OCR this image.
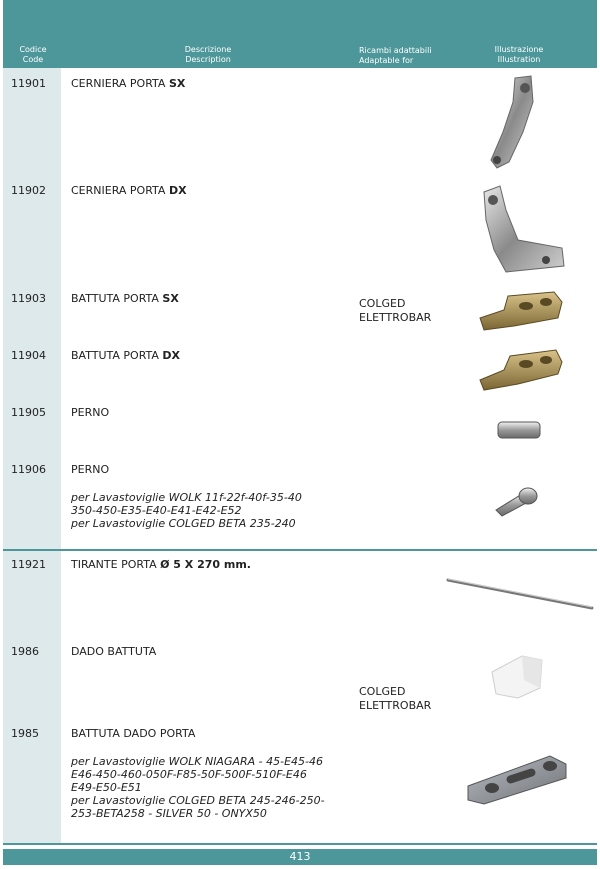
Codice
Code
Descrizione
Description
Ricambi adattabili
Adaptable for
Illustrazione
Illustration
11901 CERNIERA PORTA SX
11902 CERNIERA PORTA DX
11903 BATTUTA PORTA SX
11904 BATTUTA PORTA DX
11905 PERNO
11906 PERNO
per Lavastoviglie WOLK 11f-22f-40f-35-40
350-450-E35-E40-E41-E42-E52
per Lavastoviglie COLGED BETA 235-240
11921 TIRANTE PORTA Ø 5 X 270 mm.
1986	DADO BATTUTA
1985	BATTUTA DADO PORTA
per Lavastoviglie WOLK NIAGARA - 45-E45-46
E46-450-460-050F-F85-50F-500F-510F-E46
E49-E50-E51
per Lavastoviglie COLGED BETA 245-246-250-
253-BETA258 - SILVER 50 - ONYX50
COLGED
ELETTROBAR
COLGED
ELETTROBAR
413
